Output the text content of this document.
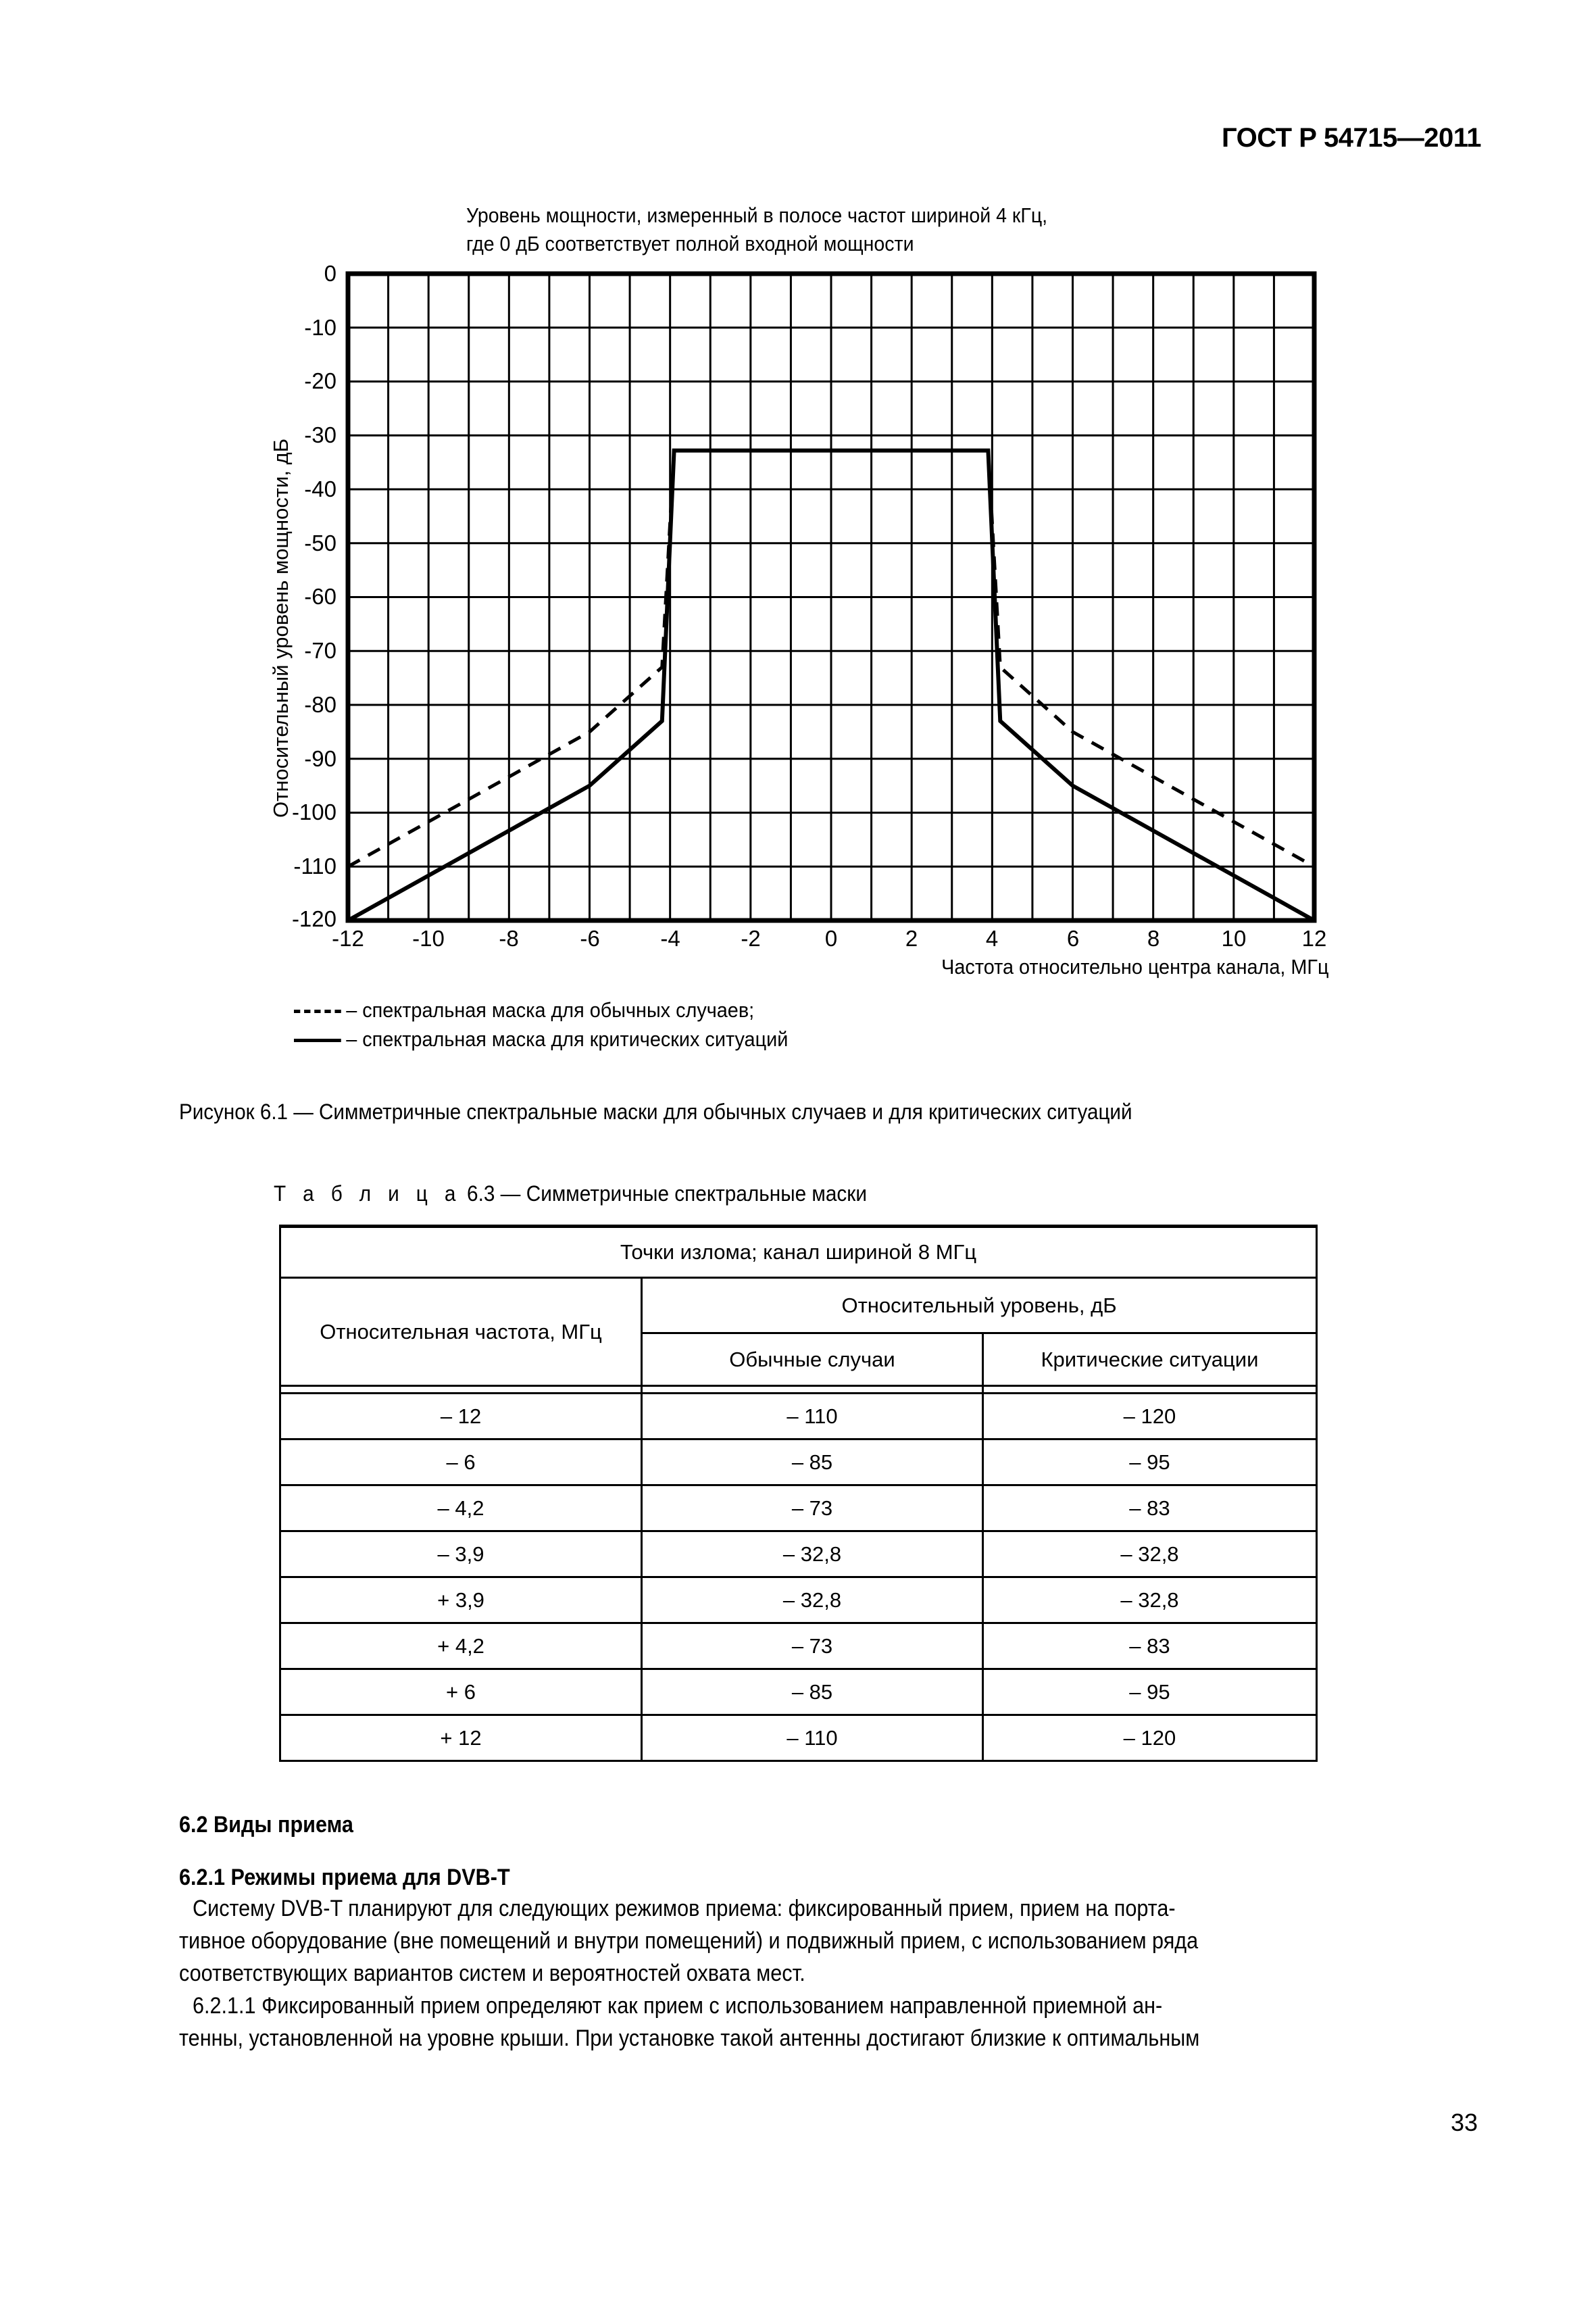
ГОСТ Р 54715—2011
Уровень мощности, измеренный в полосе частот шириной 4 кГц,
где 0 дБ соответствует полной входной мощности
Относительный уровень мощности, дБ
0
-10
-20
-30
-40
-50
-60
-70
-80
-90
-100
-110
-120
-12	-10	-8	-6	-4	-2	0	2	4	6	8	10	12
Частота относительно центра канала, МГц
– спектральная маска для обычных случаев;
– спектральная маска для критических ситуаций
Рисунок 6.1 — Симметричные спектральные маски для обычных случаев и для критических ситуаций
Т а б л и ц а 6.3 — Симметричные спектральные маски
Точки излома; канал шириной 8 МГц		
Относительная частота, МГц	Относительный уровень, дБ	
	Обычные случаи	Критические ситуации

– 12	– 110	– 120
– 6	– 85	– 95
– 4,2	– 73	– 83
– 3,9	– 32,8	– 32,8
+ 3,9	– 32,8	– 32,8
+ 4,2	– 73	– 83
+ 6	– 85	– 95
+ 12	– 110	– 120
6.2 Виды приема
6.2.1 Режимы приема для DVB-T
Систему DVB-T планируют для следующих режимов приема: фиксированный прием, прием на порта-
тивное оборудование (вне помещений и внутри помещений) и подвижный прием, с использованием ряда
соответствующих вариантов систем и вероятностей охвата мест.
6.2.1.1 Фиксированный прием определяют как прием с использованием направленной приемной ан-
тенны, установленной на уровне крыши. При установке такой антенны достигают близкие к оптимальным
33
